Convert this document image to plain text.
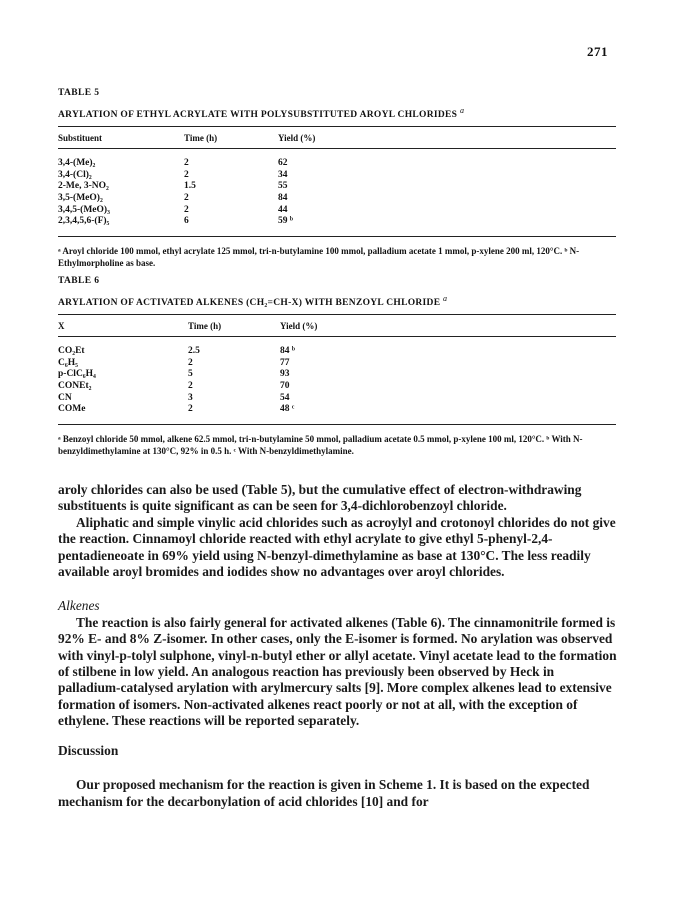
271
TABLE 5
ARYLATION OF ETHYL ACRYLATE WITH POLYSUBSTITUTED AROYL CHLORIDES $^a$
Substituent	Time (h)	Yield (%)
3,4-(Me)₂	2	62
3,4-(Cl)₂	2	34
2-Me, 3-NO₂	1.5	55
3,5-(MeO)₂	2	84
3,4,5-(MeO)₃	2	44
2,3,4,5,6-(F)₅	6	59 ᵇ
ᵃ Aroyl chloride 100 mmol, ethyl acrylate 125 mmol, tri-n-butylamine 100 mmol, palladium acetate 1 mmol, p-xylene 200 ml, 120°C. ᵇ N-Ethylmorpholine as base.
TABLE 6
ARYLATION OF ACTIVATED ALKENES (CH₂=CH-X) WITH BENZOYL CHLORIDE $^a$
X	Time (h)	Yield (%)
CO₂Et	2.5	84 ᵇ
C₆H₅	2	77
p-ClC₆H₄	5	93
CONEt₂	2	70
CN	3	54
COMe	2	48 ᶜ
ᵃ Benzoyl chloride 50 mmol, alkene 62.5 mmol, tri-n-butylamine 50 mmol, palladium acetate 0.5 mmol, p-xylene 100 ml, 120°C. ᵇ With N-benzyldimethylamine at 130°C, 92% in 0.5 h. ᶜ With N-benzyldimethylamine.

aroly chlorides can also be used (Table 5), but the cumulative effect of electron-withdrawing substituents is quite significant as can be seen for 3,4-dichlorobenzoyl chloride.

Aliphatic and simple vinylic acid chlorides such as acroylyl and crotonoyl chlorides do not give the reaction. Cinnamoyl chloride reacted with ethyl acrylate to give ethyl 5-phenyl-2,4-pentadieneoate in 69% yield using N-benzyl-dimethylamine as base at 130°C. The less readily available aroyl bromides and iodides show no advantages over aroyl chlorides.

Alkenes

The reaction is also fairly general for activated alkenes (Table 6). The cinnamonitrile formed is 92% E- and 8% Z-isomer. In other cases, only the E-isomer is formed. No arylation was observed with vinyl-p-tolyl sulphone, vinyl-n-butyl ether or allyl acetate. Vinyl acetate lead to the formation of stilbene in low yield. An analogous reaction has previously been observed by Heck in palladium-catalysed arylation with arylmercury salts [9]. More complex alkenes lead to extensive formation of isomers. Non-activated alkenes react poorly or not at all, with the exception of ethylene. These reactions will be reported separately.

Discussion

Our proposed mechanism for the reaction is given in Scheme 1. It is based on the expected mechanism for the decarbonylation of acid chlorides [10] and for
